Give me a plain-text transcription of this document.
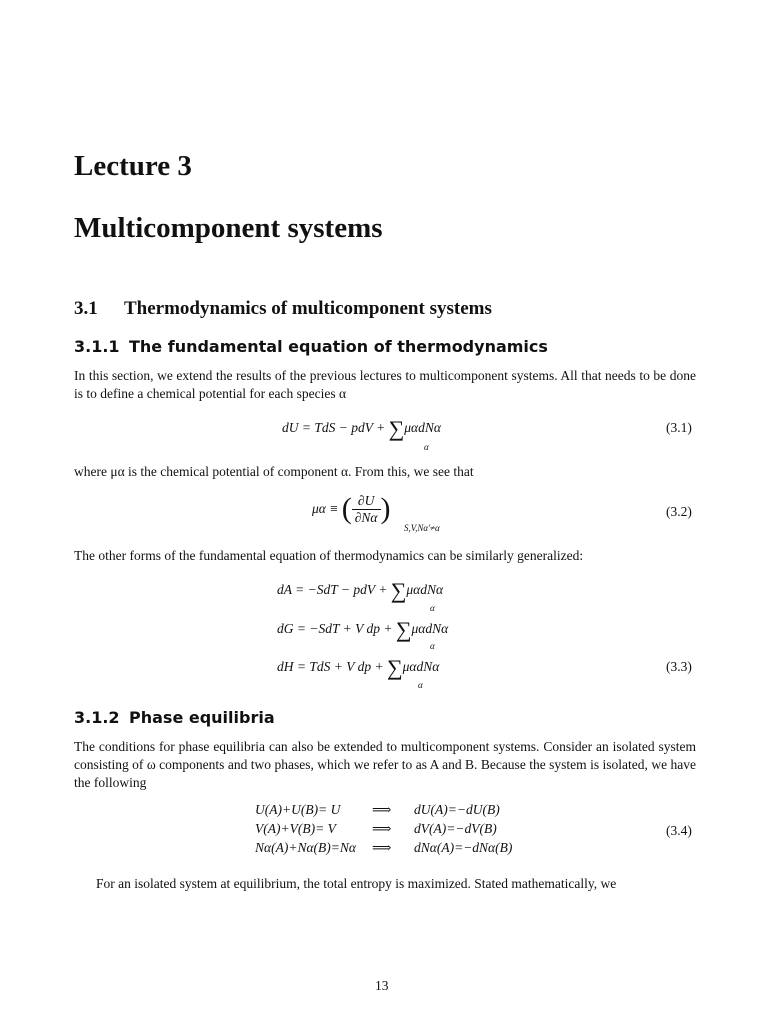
Lecture 3
Multicomponent systems
3.1 Thermodynamics of multicomponent systems
3.1.1 The fundamental equation of thermodynamics
In this section, we extend the results of the previous lectures to multicomponent systems. All that needs to be done is to define a chemical potential for each species α
dU = TdS − pdV + ∑μαdNα
α
(3.1)
where μα is the chemical potential of component α. From this, we see that
μα ≡ ( $\frac{\partial U}{\partial N\alpha}$ )
S,V,Nα′≠α
(3.2)
The other forms of the fundamental equation of thermodynamics can be similarly generalized:
dA = −SdT − pdV + ∑μαdNα
α
dG = −SdT + V dp + ∑μαdNα
α
dH = TdS + V dp + ∑μαdNα
α
(3.3)
3.1.2 Phase equilibria
The conditions for phase equilibria can also be extended to multicomponent systems. Consider an isolated system consisting of ω components and two phases, which we refer to as A and B. Because the system is isolated, we have the following
U(A)+U(B)= U ⟹ dU(A)=−dU(B)
V(A)+V(B)= V	⟹ dV(A)=−dV(B)
Nα(A)+Nα(B)=Nα ⟹ dNα(A)=−dNα(B)
(3.4)
For an isolated system at equilibrium, the total entropy is maximized. Stated mathematically, we
13
